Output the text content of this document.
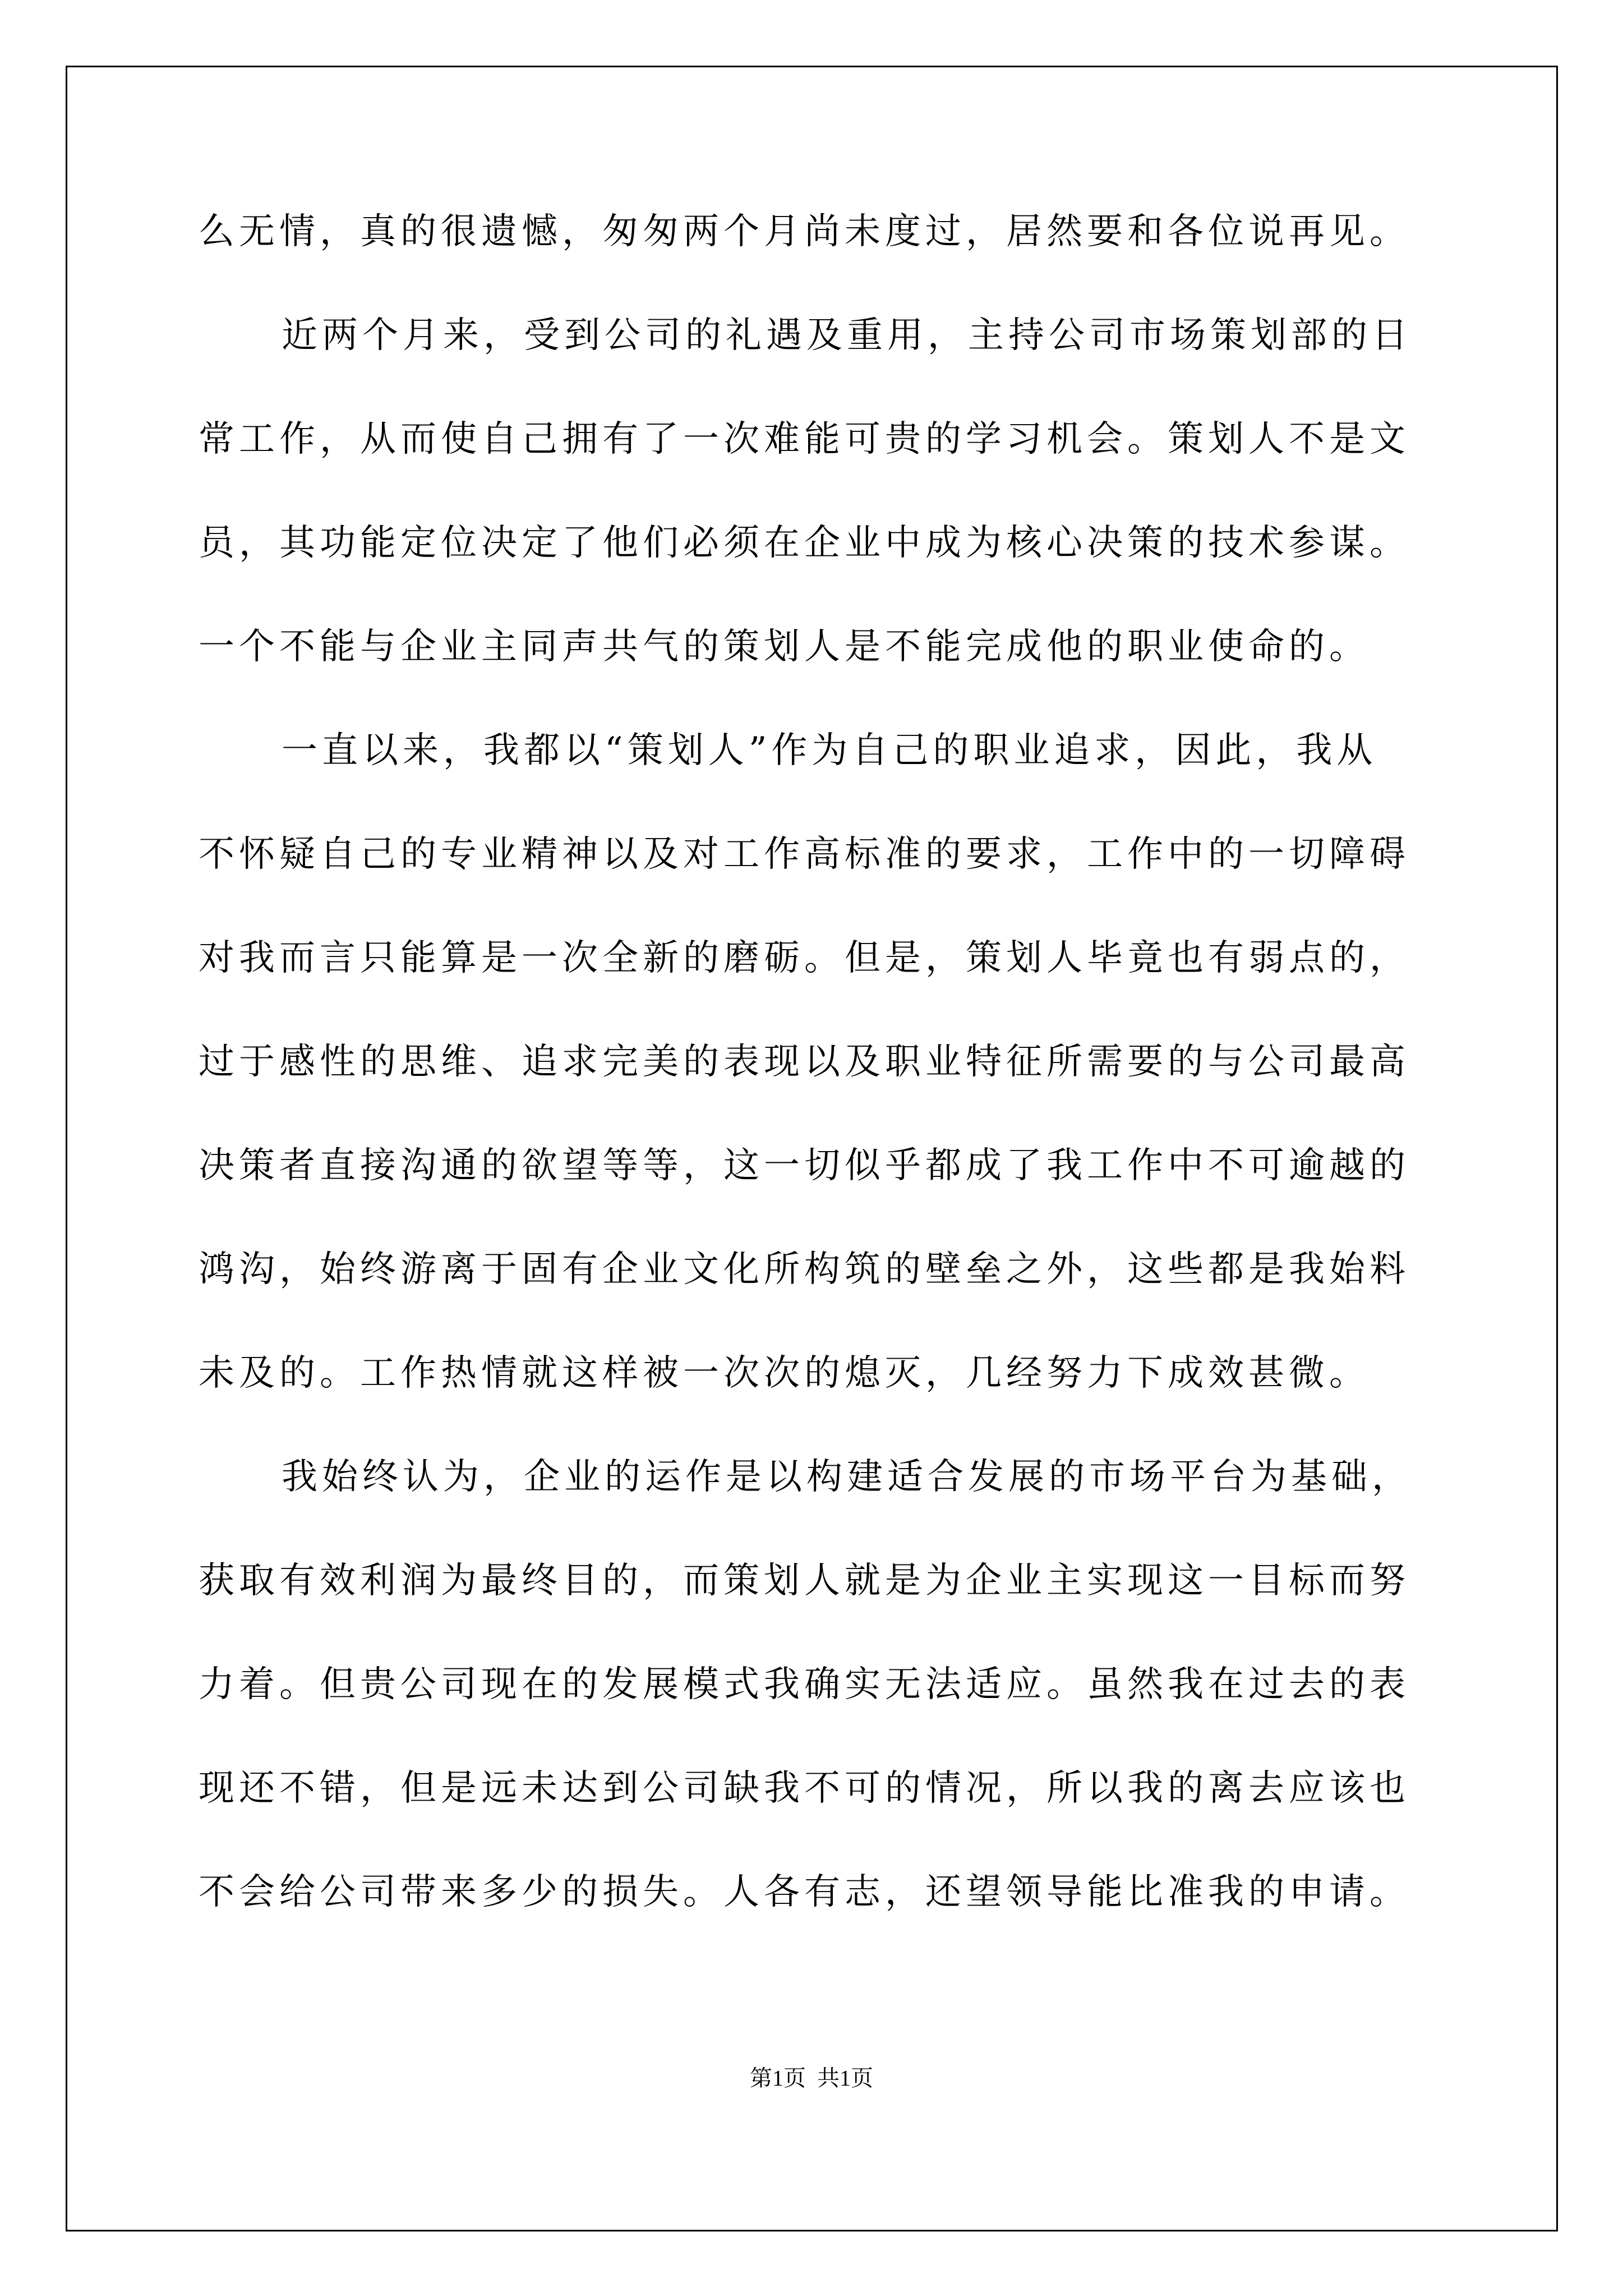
么无情，真的很遗憾，匆匆两个月尚未度过，居然要和各位说再见。
近两个月来，受到公司的礼遇及重用，主持公司市场策划部的日
常工作，从而使自己拥有了一次难能可贵的学习机会。策划人不是文
员，其功能定位决定了他们必须在企业中成为核心决策的技术参谋。
一个不能与企业主同声共气的策划人是不能完成他的职业使命的。
一直以来，我都以“策划人”作为自己的职业追求，因此，我从
不怀疑自己的专业精神以及对工作高标准的要求，工作中的一切障碍
对我而言只能算是一次全新的磨砺。但是，策划人毕竟也有弱点的，
过于感性的思维、追求完美的表现以及职业特征所需要的与公司最高
决策者直接沟通的欲望等等，这一切似乎都成了我工作中不可逾越的
鸿沟，始终游离于固有企业文化所构筑的壁垒之外，这些都是我始料
未及的。工作热情就这样被一次次的熄灭，几经努力下成效甚微。
我始终认为，企业的运作是以构建适合发展的市场平台为基础，
获取有效利润为最终目的，而策划人就是为企业主实现这一目标而努
力着。但贵公司现在的发展模式我确实无法适应。虽然我在过去的表
现还不错，但是远未达到公司缺我不可的情况，所以我的离去应该也
不会给公司带来多少的损失。人各有志，还望领导能比准我的申请。
第1页  共1页
